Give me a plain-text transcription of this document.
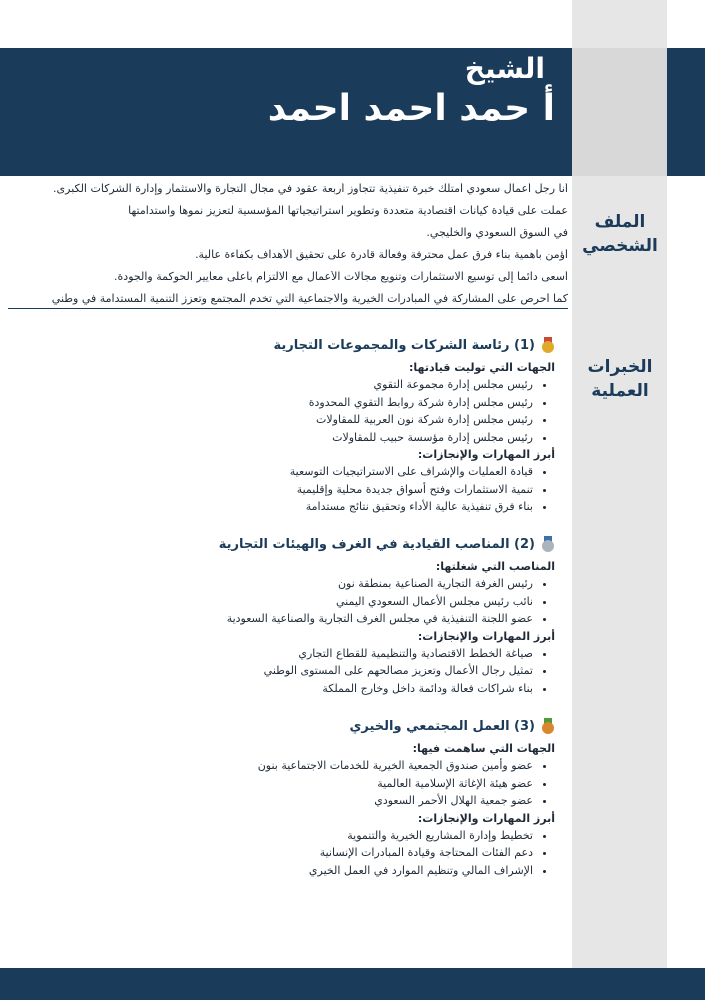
الشيخ
أ حمد احمد احمد
الملف
الشخصي
الخبرات
العملية

أنا رجل أعمال سعودي أمتلك خبرة تنفيذية تتجاوز أربعة عقود في مجال التجارة والاستثمار وإدارة الشركات الكبرى.

عملت على قيادة كيانات اقتصادية متعددة وتطوير استراتيجياتها المؤسسية لتعزيز نموها واستدامتها

في السوق السعودي والخليجي.

أؤمن بأهمية بناء فرق عمل محترفة وفعالة قادرة على تحقيق الأهداف بكفاءة عالية.

أسعى دائما إلى توسيع الاستثمارات وتنويع مجالات الأعمال مع الالتزام بأعلى معايير الحوكمة والجودة.

كما أحرص على المشاركة في المبادرات الخيرية والاجتماعية التي تخدم المجتمع وتعزز التنمية المستدامة في وطني

(1) رئاسة الشركات والمجموعات التجارية
الجهات التي توليت قيادتها:
• رئيس مجلس إدارة مجموعة التقوي
• رئيس مجلس إدارة شركة روابط التقوي المحدودة
• رئيس مجلس إدارة شركة نون العربية للمقاولات
• رئيس مجلس إدارة مؤسسة حبيب للمقاولات
أبرز المهارات والإنجازات:
• قيادة العمليات والإشراف على الاستراتيجيات التوسعية
• تنمية الاستثمارات وفتح أسواق جديدة محلية وإقليمية
• بناء فرق تنفيذية عالية الأداء وتحقيق نتائج مستدامة
(2) المناصب القيادية في الغرف والهيئات التجارية
المناصب التي شغلتها:
• رئيس الغرفة التجارية الصناعية بمنطقة نون
• نائب رئيس مجلس الأعمال السعودي اليمني
• عضو اللجنة التنفيذية في مجلس الغرف التجارية والصناعية السعودية
أبرز المهارات والإنجازات:
• صياغة الخطط الاقتصادية والتنظيمية للقطاع التجاري
• تمثيل رجال الأعمال وتعزيز مصالحهم على المستوى الوطني
• بناء شراكات فعالة ودائمة داخل وخارج المملكة
(3) العمل المجتمعي والخيري
الجهات التي ساهمت فيها:
• عضو وأمين صندوق الجمعية الخيرية للخدمات الاجتماعية بنون
• عضو هيئة الإغاثة الإسلامية العالمية
• عضو جمعية الهلال الأحمر السعودي
أبرز المهارات والإنجازات:
• تخطيط وإدارة المشاريع الخيرية والتنموية
• دعم الفئات المحتاجة وقيادة المبادرات الإنسانية
• الإشراف المالي وتنظيم الموارد في العمل الخيري
